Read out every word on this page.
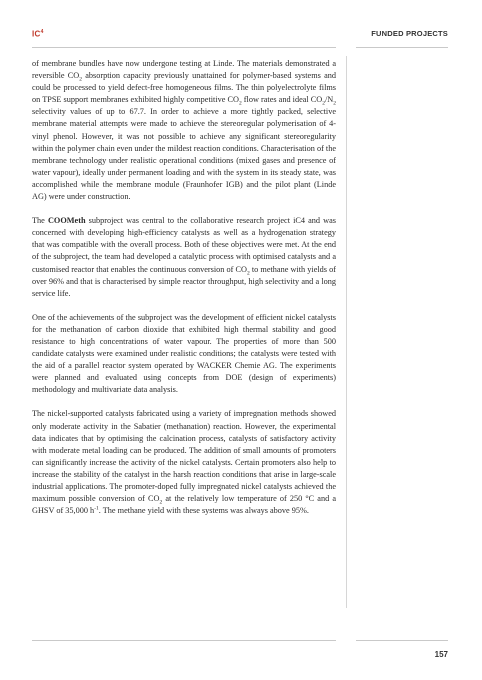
$IC^4$	FUNDED PROJECTS

of membrane bundles have now undergone testing at Linde. The materials demonstrated a reversible $CO_2$ absorption capacity previously unattained for polymer-based systems and could be processed to yield defect-free homogeneous films. The thin polyelectrolyte films on TPSE support membranes exhibited highly competitive $CO_2$ flow rates and ideal $CO_2/N_2$ selectivity values of up to 67.7. In order to achieve a more tightly packed, selective membrane material attempts were made to achieve the stereoregular polymerisation of 4-vinyl phenol. However, it was not possible to achieve any significant stereoregularity within the polymer chain even under the mildest reaction conditions. Characterisation of the membrane technology under realistic operational conditions (mixed gases and presence of water vapour), ideally under permanent loading and with the system in its steady state, was accomplished while the membrane module (Fraunhofer IGB) and the pilot plant (Linde AG) were under construction.

The COOMeth subproject was central to the collaborative research project iC4 and was concerned with developing high-efficiency catalysts as well as a hydrogenation strategy that was compatible with the overall process. Both of these objectives were met. At the end of the subproject, the team had developed a catalytic process with optimised catalysts and a customised reactor that enables the continuous conversion of $CO_2$ to methane with yields of over 96% and that is characterised by simple reactor throughput, high selectivity and a long service life.

One of the achievements of the subproject was the development of efficient nickel catalysts for the methanation of carbon dioxide that exhibited high thermal stability and good resistance to high concentrations of water vapour. The properties of more than 500 candidate catalysts were examined under realistic conditions; the catalysts were tested with the aid of a parallel reactor system operated by WACKER Chemie AG. The experiments were planned and evaluated using concepts from DOE (design of experiments) methodology and multivariate data analysis.

The nickel-supported catalysts fabricated using a variety of impregnation methods showed only moderate activity in the Sabatier (methanation) reaction. However, the experimental data indicates that by optimising the calcination process, catalysts of satisfactory activity with moderate metal loading can be produced. The addition of small amounts of promoters can significantly increase the activity of the nickel catalysts. Certain promoters also help to increase the stability of the catalyst in the harsh reaction conditions that arise in large-scale industrial applications. The promoter-doped fully impregnated nickel catalysts achieved the maximum possible conversion of $CO_2$ at the relatively low temperature of 250 °C and a GHSV of 35,000 $h^{-1}$. The methane yield with these systems was always above 95%.

157
